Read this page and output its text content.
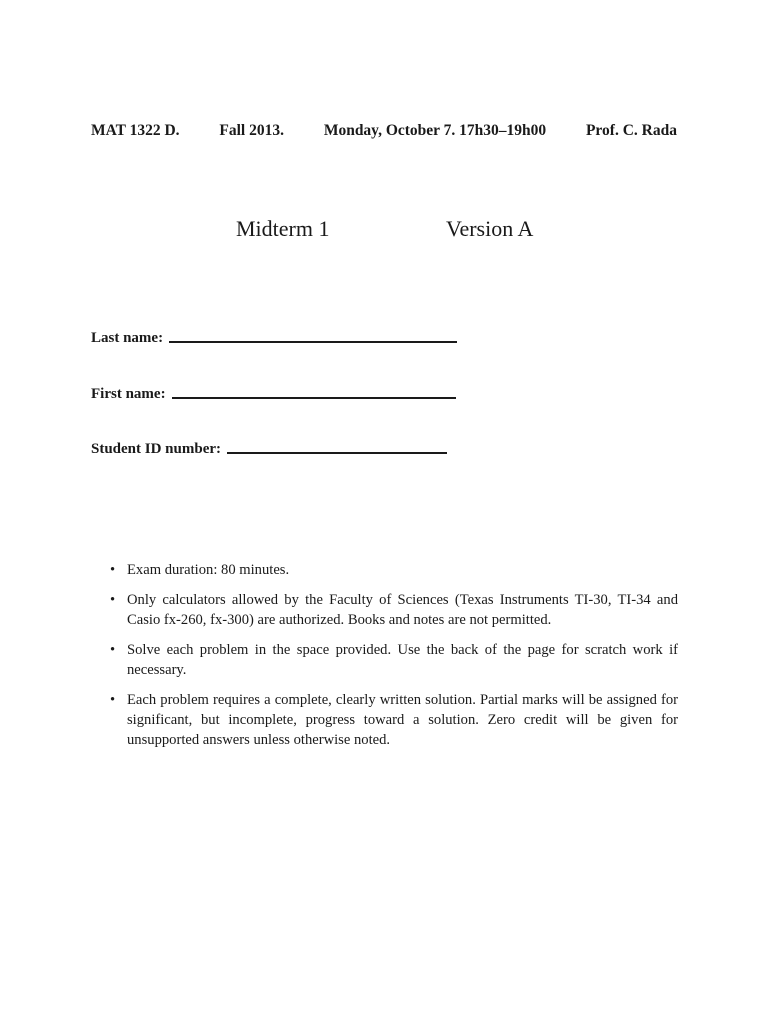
MAT 1322 D.	Fall 2013.	Monday, October 7. 17h30–19h00	Prof. C. Rada
Midterm 1	Version A
Last name:
First name:
Student ID number:
• Exam duration: 80 minutes.
• Only calculators allowed by the Faculty of Sciences (Texas Instruments TI-30, TI-34 and Casio fx-260, fx-300) are authorized. Books and notes are not permitted.
• Solve each problem in the space provided. Use the back of the page for scratch work if necessary.
• Each problem requires a complete, clearly written solution. Partial marks will be assigned for significant, but incomplete, progress toward a solution. Zero credit will be given for unsupported answers unless otherwise noted.
